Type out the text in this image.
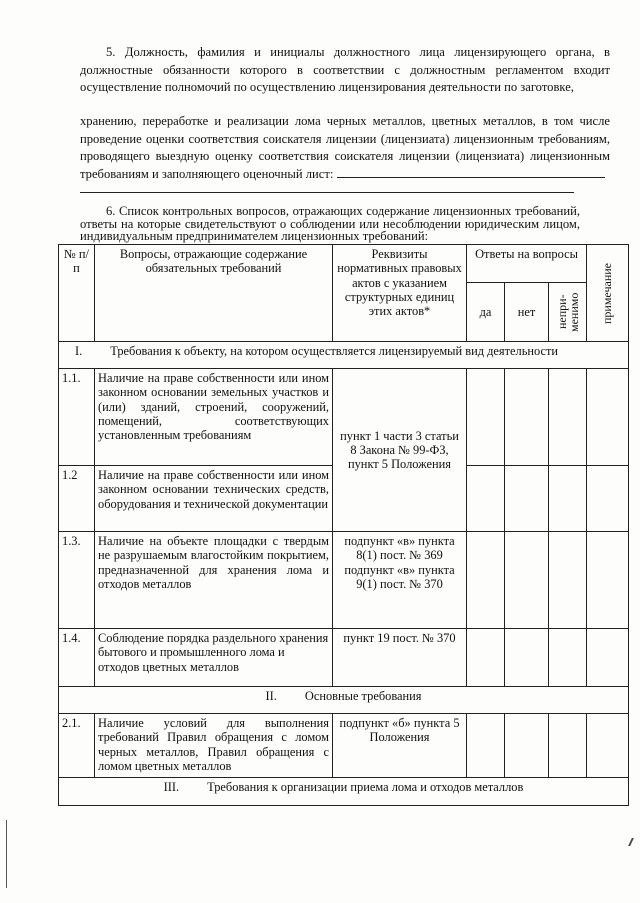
5. Должность, фамилия и инициалы должностного лица лицензирующего органа, в должностные обязанности которого в соответствии с должностным регламентом входит осуществление полномочий по осуществлению лицензирования деятельности по заготовке,
хранению, переработке и реализации лома черных металлов, цветных металлов, в том числе проведение оценки соответствия соискателя лицензии (лицензиата) лицензионным требованиям, проводящего выездную оценку соответствия соискателя лицензии (лицензиата) лицензионным требованиям и заполняющего оценочный лист:
6. Список контрольных вопросов, отражающих содержание лицензионных требований, ответы на которые свидетельствуют о соблюдении или несоблюдении юридическим лицом, индивидуальным предпринимателем лицензионных требований:
№ п/п	Вопросы, отражающие содержание обязательных требований	Реквизиты нормативных правовых актов с указанием структурных единиц этих актов*	Ответы на вопросы			примечание

			да	нет	непри-менимо	

I. Требования к объекту, на котором осуществляется лицензируемый вид деятельности						
1.1.	Наличие на праве собственности или ином законном основании земельных участков и (или) зданий, строений, сооружений, помещений, соответствующих установленным требованиям	пункт 1 части 3 статьи 8 Закона № 99-ФЗ, пункт 5 Положения				
1.2	Наличие на праве собственности или ином законном основании технических средств, оборудования и технической документации					
1.3.	Наличие на объекте площадки с твердым не разрушаемым влагостойким покрытием, предназначенной для хранения лома и отходов металлов	подпункт «в» пункта 8(1) пост. № 369 подпункт «в» пункта 9(1) пост. № 370				
1.4.	Соблюдение порядка раздельного хранения бытового и промышленного лома и отходов цветных металлов	пункт 19 пост. № 370				
II. Основные требования						
2.1.	Наличие условий для выполнения требований Правил обращения с ломом черных металлов, Правил обращения с ломом цветных металлов	подпункт «б» пункта 5 Положения				
III. Требования к организации приема лома и отходов металлов						
